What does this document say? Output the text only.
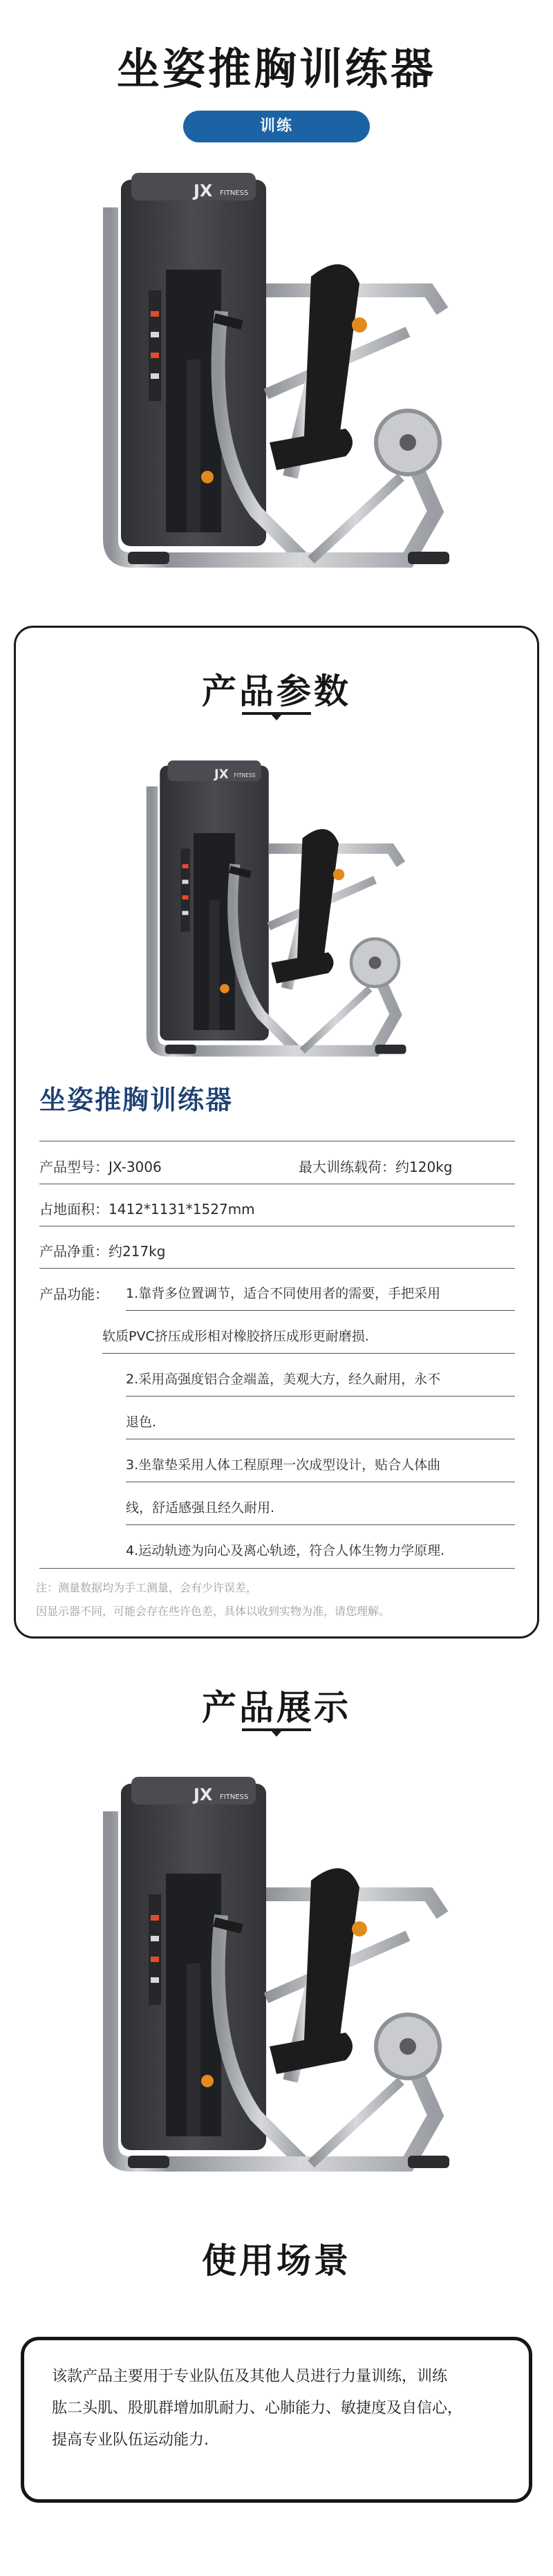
坐姿推胸训练器
训练
JX FITNESS
产品参数
JX FITNESS
坐姿推胸训练器
产品型号：JX-3006	最大训练载荷：约120kg
占地面积：1412*1131*1527mm
产品净重：约217kg
产品功能：	1.靠背多位置调节，适合不同使用者的需要，手把采用
软质PVC挤压成形相对橡胶挤压成形更耐磨损.
2.采用高强度铝合金端盖，美观大方，经久耐用，永不
退色.
3.坐靠垫采用人体工程原理一次成型设计，贴合人体曲
线，舒适感强且经久耐用.
4.运动轨迹为向心及离心轨迹，符合人体生物力学原理.
注：测量数据均为手工测量，会有少许误差，
因显示器不同，可能会存在些许色差，具体以收到实物为准，请您理解。
产品展示
JX FITNESS
使用场景

该款产品主要用于专业队伍及其他人员进行力量训练，训练

肱二头肌、股肌群增加肌耐力、心肺能力、敏捷度及自信心，

提高专业队伍运动能力.
